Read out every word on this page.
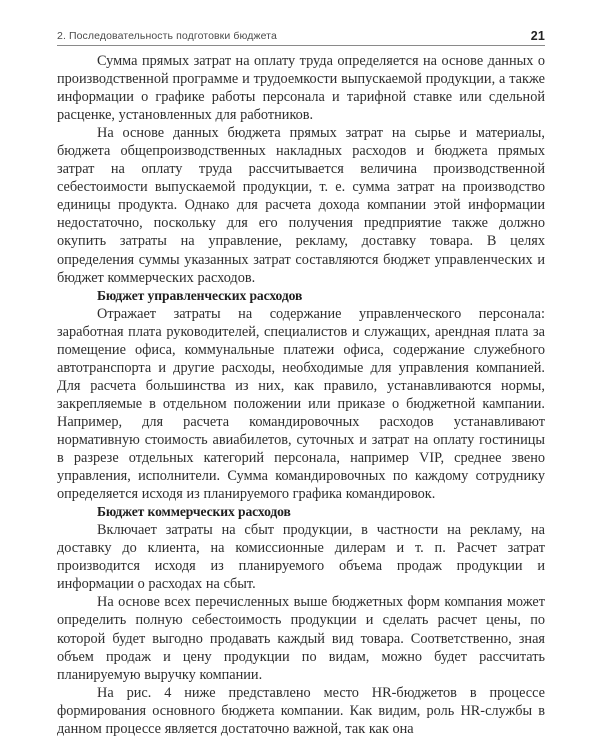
2. Последовательность подготовки бюджета	21

Сумма прямых затрат на оплату труда определяется на основе данных о производственной программе и трудоемкости выпускаемой продукции, а также информации о графике работы персонала и тарифной ставке или сдельной расценке, установленных для работников.

На основе данных бюджета прямых затрат на сырье и материалы, бюджета общепроизводственных накладных расходов и бюджета прямых затрат на оплату труда рассчитывается величина производственной себестоимости выпускаемой продукции, т. е. сумма затрат на производство единицы продукта. Однако для расчета дохода компании этой информации недостаточно, поскольку для его получения предприятие также должно окупить затраты на управление, рекламу, доставку товара. В целях определения суммы указанных затрат составляются бюджет управленческих и бюджет коммерческих расходов.

Бюджет управленческих расходов

Отражает затраты на содержание управленческого персонала: заработная плата руководителей, специалистов и служащих, арендная плата за помещение офиса, коммунальные платежи офиса, содержание служебного автотранспорта и другие расходы, необходимые для управления компанией. Для расчета большинства из них, как правило, устанавливаются нормы, закрепляемые в отдельном положении или приказе о бюджетной кампании. Например, для расчета командировочных расходов устанавливают нормативную стоимость авиабилетов, суточных и затрат на оплату гостиницы в разрезе отдельных категорий персонала, например VIP, среднее звено управления, исполнители. Сумма командировочных по каждому сотруднику определяется исходя из планируемого графика командировок.

Бюджет коммерческих расходов

Включает затраты на сбыт продукции, в частности на рекламу, на доставку до клиента, на комиссионные дилерам и т. п. Расчет затрат производится исходя из планируемого объема продаж продукции и информации о расходах на сбыт.

На основе всех перечисленных выше бюджетных форм компания может определить полную себестоимость продукции и сделать расчет цены, по которой будет выгодно продавать каждый вид товара. Соответственно, зная объем продаж и цену продукции по видам, можно будет рассчитать планируемую выручку компании.

На рис. 4 ниже представлено место HR-бюджетов в процессе формирования основного бюджета компании. Как видим, роль HR-службы в данном процессе является достаточно важной, так как она
